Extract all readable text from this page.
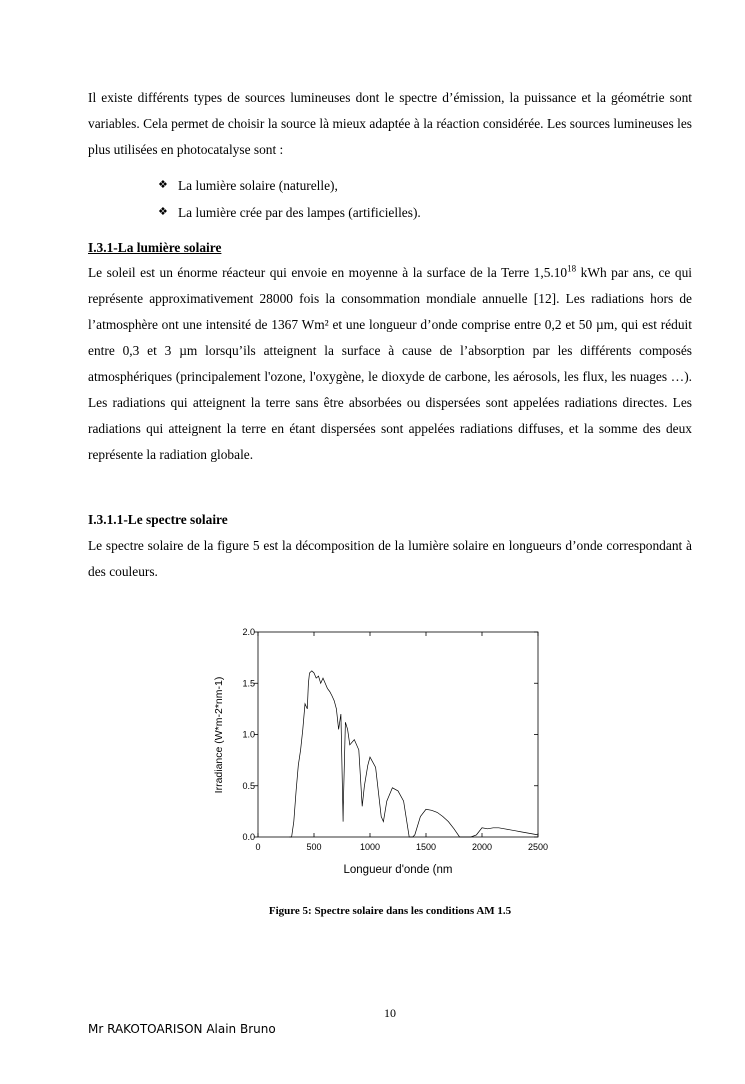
Il existe différents types de sources lumineuses dont le spectre d’émission, la puissance et la géométrie sont variables. Cela permet de choisir la source là mieux adaptée à la réaction considérée. Les sources lumineuses les plus utilisées en photocatalyse sont :

❖ La lumière solaire (naturelle),
❖ La lumière crée par des lampes (artificielles).
I.3.1-La lumière solaire

Le soleil est un énorme réacteur qui envoie en moyenne à la surface de la Terre 1,5.10$^{18}$ kWh par ans, ce qui représente approximativement 28000 fois la consommation mondiale annuelle [12]. Les radiations hors de l’atmosphère ont une intensité de 1367 Wm² et une longueur d’onde comprise entre 0,2 et 50 µm, qui est réduit entre 0,3 et 3 µm lorsqu’ils atteignent la surface à cause de l’absorption par les différents composés atmosphériques (principalement l'ozone, l'oxygène, le dioxyde de carbone, les aérosols, les flux, les nuages …). Les radiations qui atteignent la terre sans être absorbées ou dispersées sont appelées radiations directes. Les radiations qui atteignent la terre en étant dispersées sont appelées radiations diffuses, et la somme des deux représente la radiation globale.

I.3.1.1-Le spectre solaire

Le spectre solaire de la figure 5 est la décomposition de la lumière solaire en longueurs d’onde correspondant à des couleurs.

0	500	1000	1500	2000	2500
0.0
0.5
1.0
1.5
2.0
Longueur d'onde (nm
Irradiance (W*m-2*nm-1)
Figure 5: Spectre solaire dans les conditions AM 1.5
10
Mr RAKOTOARISON Alain Bruno
